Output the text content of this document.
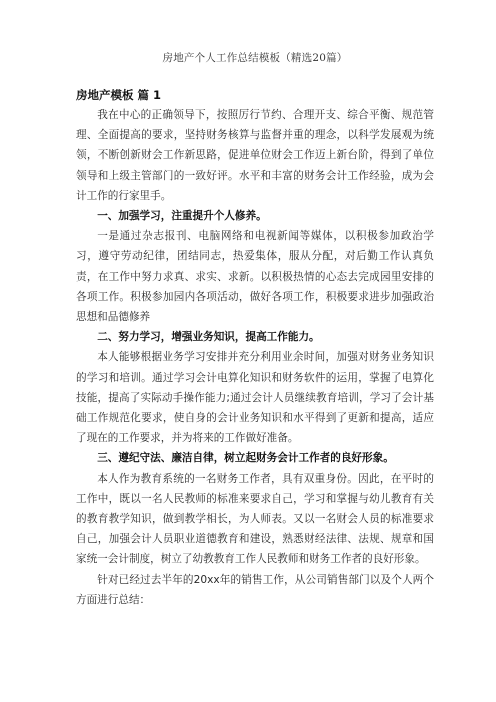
房地产个人工作总结模板（精选20篇）
房地产模板 篇 1

我在中心的正确领导下，按照厉行节约、合理开支、综合平衡、规范管理、全面提高的要求，坚持财务核算与监督并重的理念，以科学发展观为统领，不断创新财会工作新思路，促进单位财会工作迈上新台阶，得到了单位领导和上级主管部门的一致好评。水平和丰富的财务会计工作经验，成为会计工作的行家里手。

一、加强学习，注重提升个人修养。

一是通过杂志报刊、电脑网络和电视新闻等媒体，以积极参加政治学习，遵守劳动纪律，团结同志，热爱集体，服从分配，对后勤工作认真负责，在工作中努力求真、求实、求新。以积极热情的心态去完成园里安排的各项工作。积极参加园内各项活动，做好各项工作，积极要求进步加强政治思想和品德修养

二、努力学习，增强业务知识，提高工作能力。

本人能够根据业务学习安排并充分利用业余时间，加强对财务业务知识的学习和培训。通过学习会计电算化知识和财务软件的运用，掌握了电算化技能，提高了实际动手操作能力;通过会计人员继续教育培训，学习了会计基础工作规范化要求，使自身的会计业务知识和水平得到了更新和提高，适应了现在的工作要求，并为将来的工作做好准备。

三、遵纪守法、廉洁自律，树立起财务会计工作者的良好形象。

本人作为教育系统的一名财务工作者，具有双重身份。因此，在平时的工作中，既以一名人民教师的标准来要求自己，学习和掌握与幼儿教育有关的教育教学知识，做到教学相长，为人师表。又以一名财会人员的标准要求自己，加强会计人员职业道德教育和建设，熟悉财经法律、法规、规章和国家统一会计制度，树立了幼教教育工作人民教师和财务工作者的良好形象。

针对已经过去半年的20xx年的销售工作，从公司销售部门以及个人两个方面进行总结：
